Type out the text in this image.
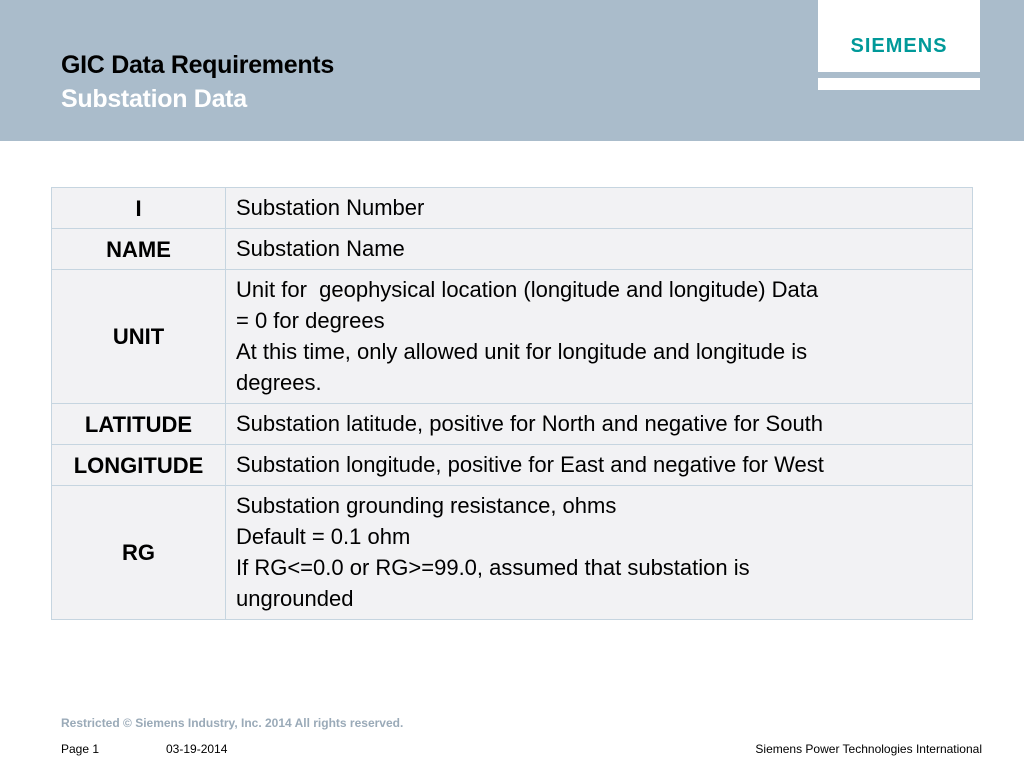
GIC Data Requirements
Substation Data
SIEMENS
I	Substation Number

NAME	Substation Name

UNIT	Unit for  geophysical location (longitude and longitude) Data
= 0 for degrees
At this time, only allowed unit for longitude and longitude is
degrees.

LATITUDE	Substation latitude, positive for North and negative for South

LONGITUDE	Substation longitude, positive for East and negative for West

RG	Substation grounding resistance, ohms
Default = 0.1 ohm
If RG<=0.0 or RG>=99.0, assumed that substation is
ungrounded
Restricted © Siemens Industry, Inc. 2014 All rights reserved.
Page 1	03-19-2014	Siemens Power Technologies International
